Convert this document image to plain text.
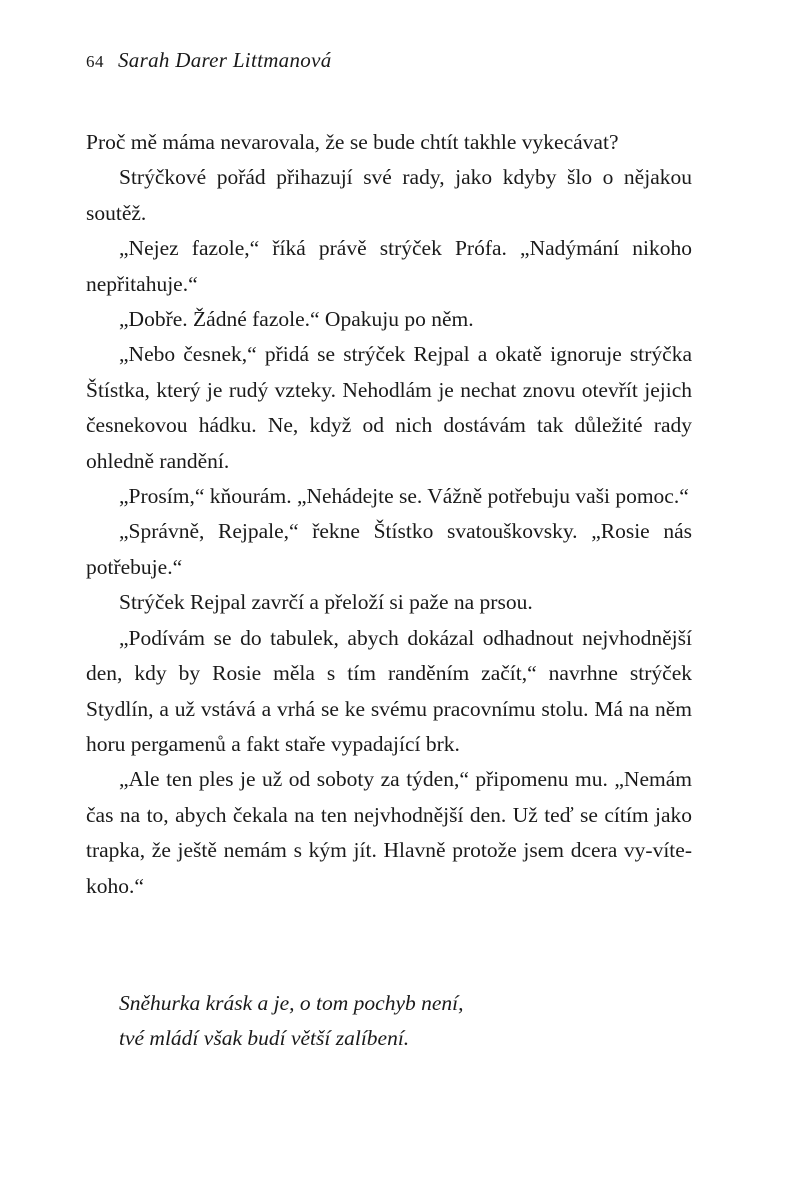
64 Sarah Darer Littmanová

Proč mě máma nevarovala, že se bude chtít takhle vykecávat?

Strýčkové pořád přihazují své rady, jako kdyby šlo o nějakou soutěž.

„Nejez fazole,“ říká právě strýček Prófa. „Nadýmání nikoho nepřitahuje.“

„Dobře. Žádné fazole.“ Opakuju po něm.

„Nebo česnek,“ přidá se strýček Rejpal a okatě ignoruje strýčka Štístka, který je rudý vzteky. Nehodlám je nechat znovu otevřít jejich česnekovou hádku. Ne, když od nich dostávám tak důležité rady ohledně randění.

„Prosím,“ kňourám. „Nehádejte se. Vážně potřebuju vaši pomoc.“

„Správně, Rejpale,“ řekne Štístko svatouškovsky. „Rosie nás potřebuje.“

Strýček Rejpal zavrčí a přeloží si paže na prsou.

„Podívám se do tabulek, abych dokázal odhadnout nejvhodnější den, kdy by Rosie měla s tím randěním začít,“ navrhne strýček Stydlín, a už vstává a vrhá se ke svému pracovnímu stolu. Má na něm horu pergamenů a fakt staře vypadající brk.

„Ale ten ples je už od soboty za týden,“ připomenu mu. „Nemám čas na to, abych čekala na ten nejvhodnější den. Už teď se cítím jako trapka, že ještě nemám s kým jít. Hlavně protože jsem dcera vy-víte-koho.“

Sněhurka krásk a je, o tom pochyb není,
tvé mládí však budí větší zalíbení.
